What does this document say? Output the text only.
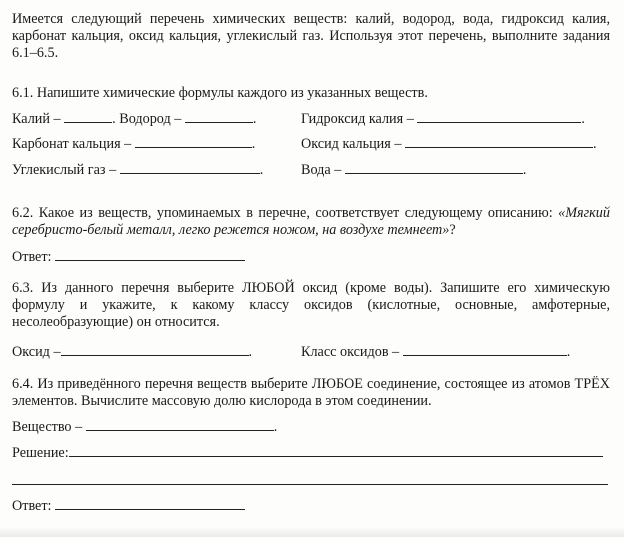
Имеется следующий перечень химических веществ: калий, водород, вода, гидроксид калия, карбонат кальция, оксид кальция, углекислый газ. Используя этот перечень, выполните задания 6.1–6.5.
6.1. Напишите химические формулы каждого из указанных веществ.
Калий –	. Водород –	.	Гидроксид калия –	.
Карбонат кальция –	.	Оксид кальция –	.
Углекислый газ –	.	Вода –	.
6.2. Какое из веществ, упоминаемых в перечне, соответствует следующему описанию: «Мягкий серебристо-белый металл, легко режется ножом, на воздухе темнеет»?
Ответ:
6.3. Из данного перечня выберите ЛЮБОЙ оксид (кроме воды). Запишите его химическую формулу и укажите, к какому классу оксидов (кислотные, основные, амфотерные, несолеобразующие) он относится.
Оксид –	.	Класс оксидов –	.
6.4. Из приведённого перечня веществ выберите ЛЮБОЕ соединение, состоящее из атомов ТРЁХ элементов. Вычислите массовую долю кислорода в этом соединении.
Вещество –	.
Решение:
Ответ:
